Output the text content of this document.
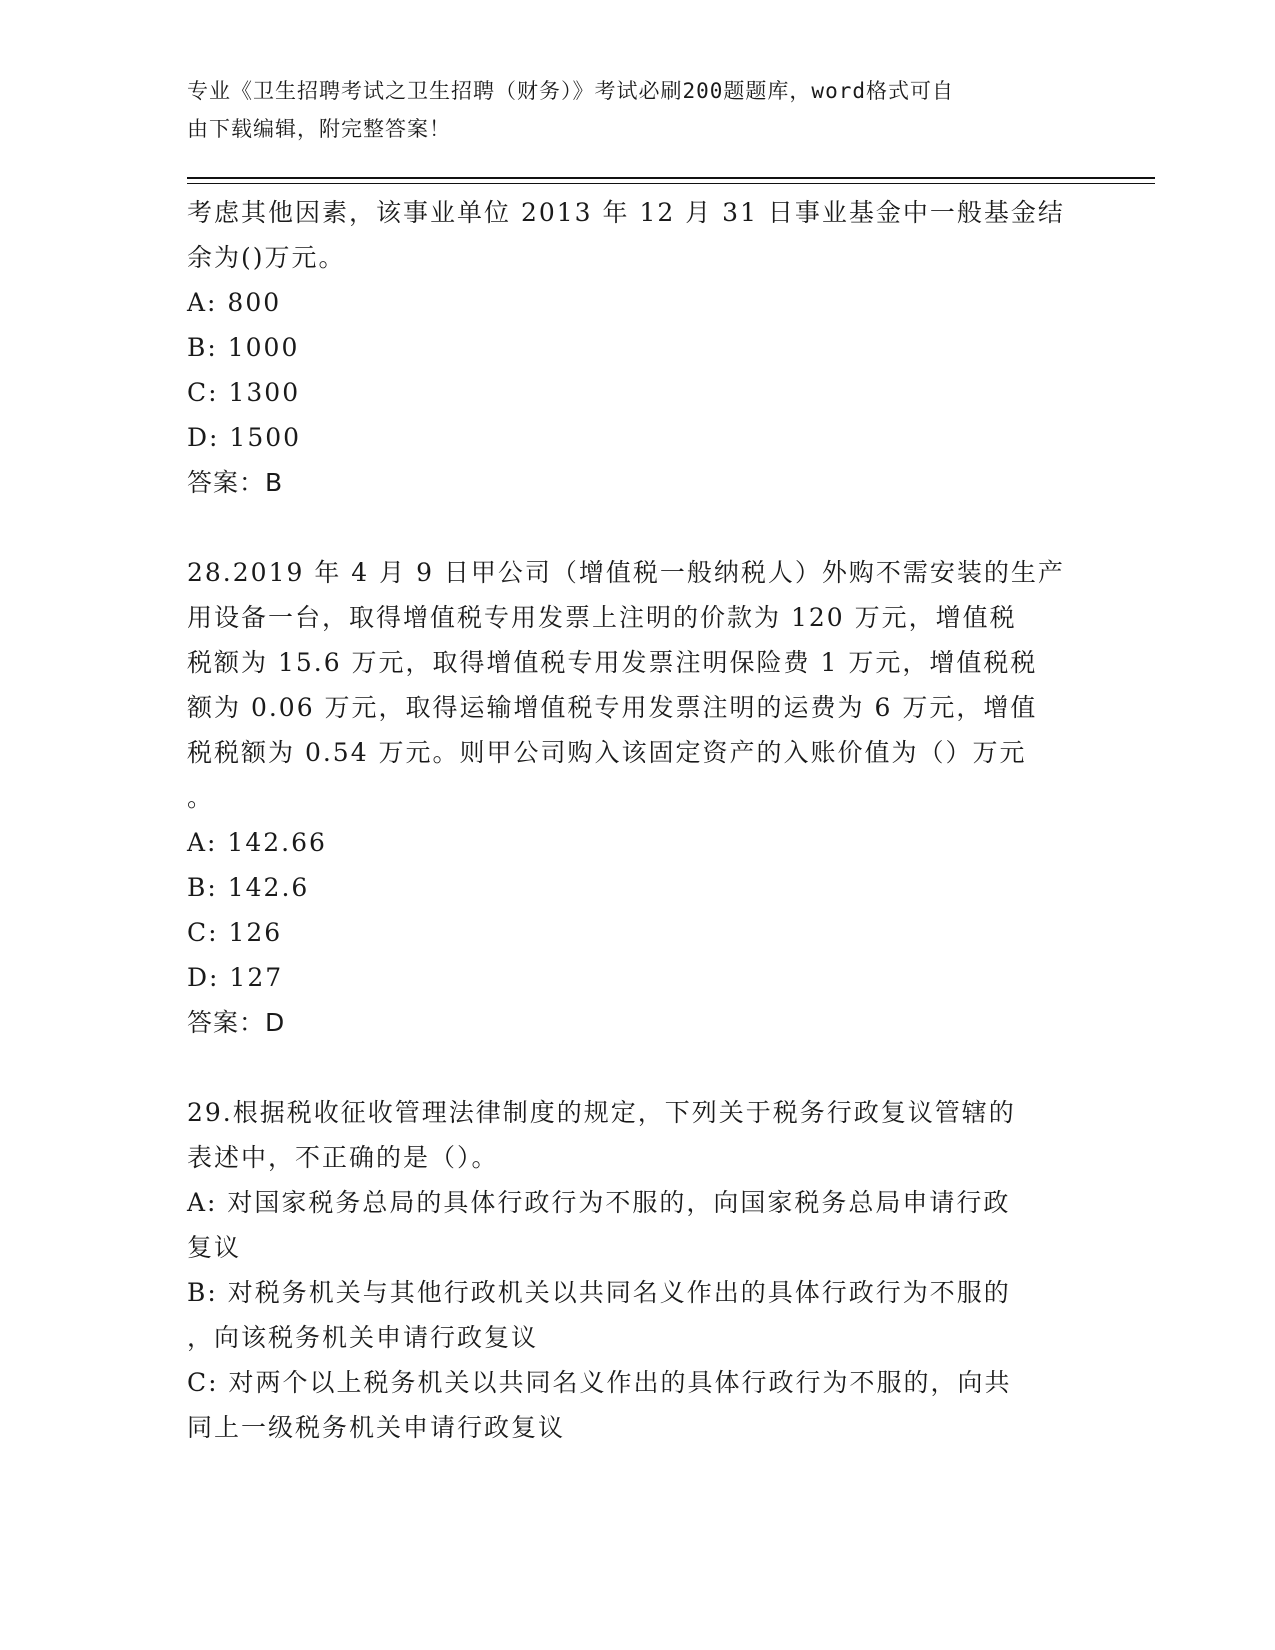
专业《卫生招聘考试之卫生招聘（财务）》考试必刷200题题库，word格式可自
由下载编辑，附完整答案！
考虑其他因素，该事业单位 2013 年 12 月 31 日事业基金中一般基金结
余为()万元。
A: 800
B: 1000
C: 1300
D: 1500
答案：B
28.2019 年 4 月 9 日甲公司（增值税一般纳税人）外购不需安装的生产
用设备一台，取得增值税专用发票上注明的价款为 120 万元，增值税
税额为 15.6 万元，取得增值税专用发票注明保险费 1 万元，增值税税
额为 0.06 万元，取得运输增值税专用发票注明的运费为 6 万元，增值
税税额为 0.54 万元。则甲公司购入该固定资产的入账价值为（）万元
。
A: 142.66
B: 142.6
C: 126
D: 127
答案：D
29.根据税收征收管理法律制度的规定，下列关于税务行政复议管辖的
表述中，不正确的是（）。
A: 对国家税务总局的具体行政行为不服的，向国家税务总局申请行政
复议
B: 对税务机关与其他行政机关以共同名义作出的具体行政行为不服的
，向该税务机关申请行政复议
C: 对两个以上税务机关以共同名义作出的具体行政行为不服的，向共
同上一级税务机关申请行政复议
